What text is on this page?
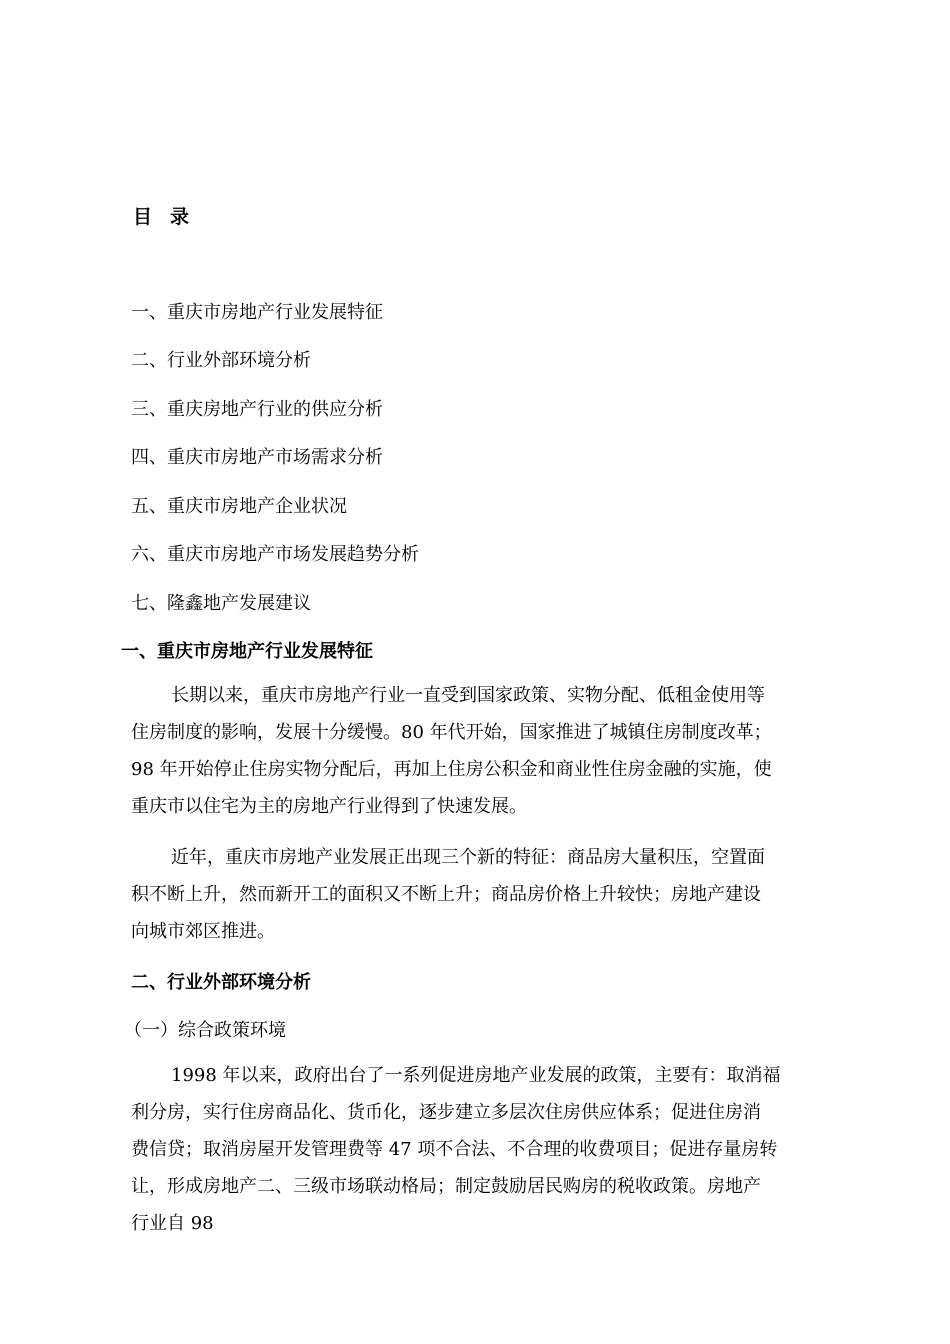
目 录
一、重庆市房地产行业发展特征
二、行业外部环境分析
三、重庆房地产行业的供应分析
四、重庆市房地产市场需求分析
五、重庆市房地产企业状况
六、重庆市房地产市场发展趋势分析
七、隆鑫地产发展建议
一、重庆市房地产行业发展特征
长期以来，重庆市房地产行业一直受到国家政策、实物分配、低租金使用等
住房制度的影响，发展十分缓慢。80 年代开始，国家推进了城镇住房制度改革；
98 年开始停止住房实物分配后，再加上住房公积金和商业性住房金融的实施，使
重庆市以住宅为主的房地产行业得到了快速发展。
近年，重庆市房地产业发展正出现三个新的特征：商品房大量积压，空置面
积不断上升，然而新开工的面积又不断上升；商品房价格上升较快；房地产建设
向城市郊区推进。
二、行业外部环境分析
（一）综合政策环境
1998 年以来，政府出台了一系列促进房地产业发展的政策，主要有：取消福
利分房，实行住房商品化、货币化，逐步建立多层次住房供应体系；促进住房消
费信贷；取消房屋开发管理费等 47 项不合法、不合理的收费项目；促进存量房转
让，形成房地产二、三级市场联动格局；制定鼓励居民购房的税收政策。房地产
行业自 98
